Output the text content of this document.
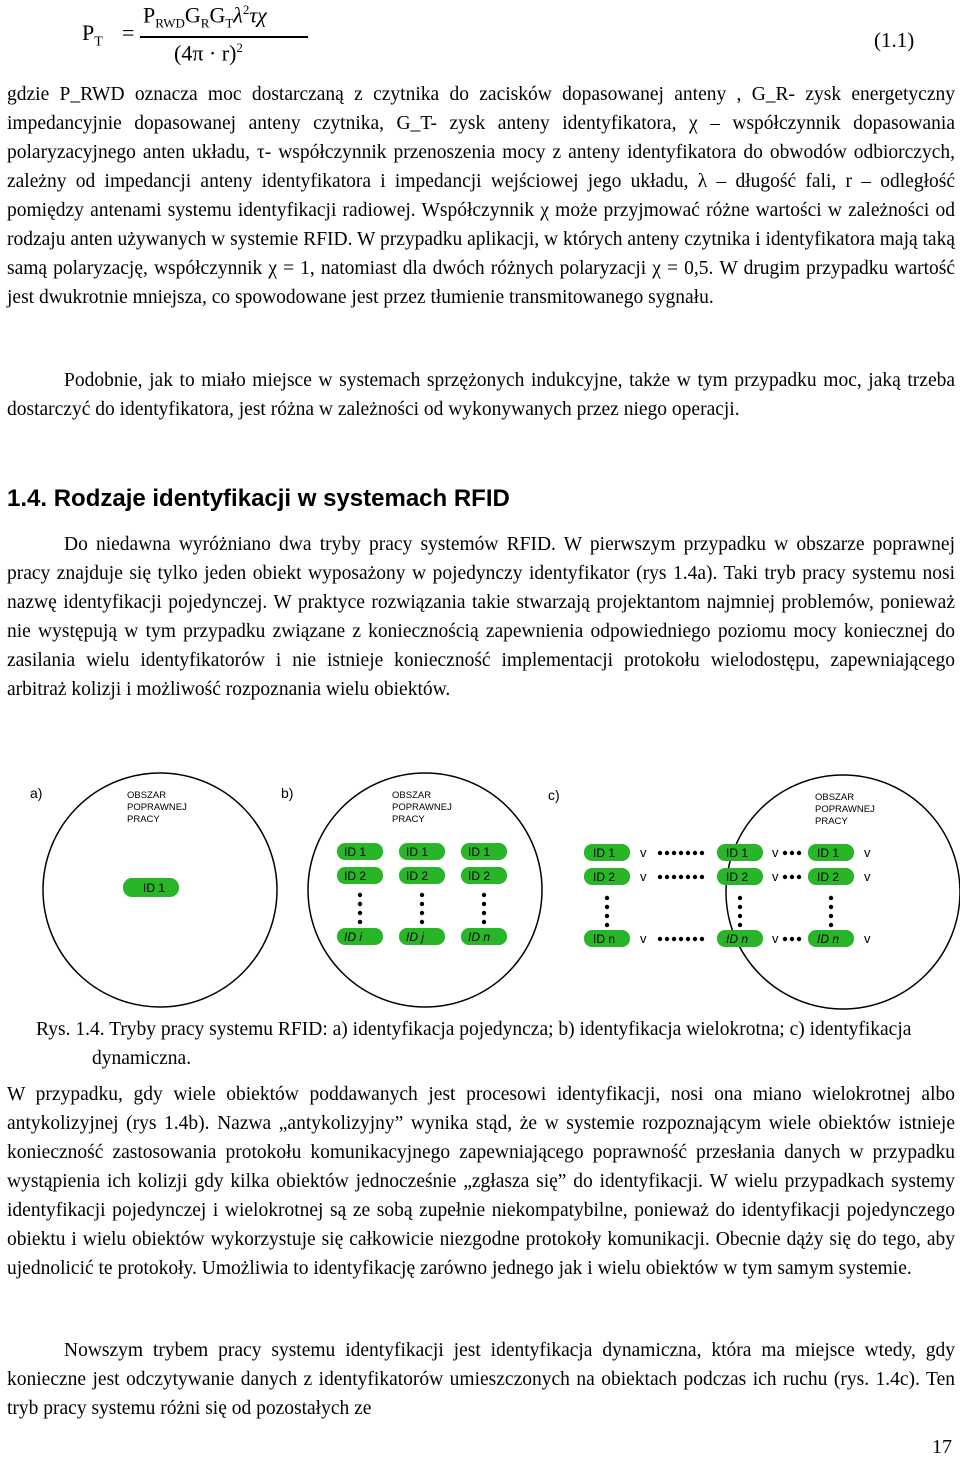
$P_T$ =
$P_{RWD}G_RG_T\lambda^2\tau\chi$
$(4\pi \cdot r)^2$	(1.1)

gdzie P_RWD oznacza moc dostarczaną z czytnika do zacisków dopasowanej anteny , G_R- zysk energetyczny impedancyjnie dopasowanej anteny czytnika, G_T- zysk anteny identyfikatora, χ – współczynnik dopasowania polaryzacyjnego anten układu, τ- współczynnik przenoszenia mocy z anteny identyfikatora do obwodów odbiorczych, zależny od impedancji anteny identyfikatora i impedancji wejściowej jego układu, λ – długość fali, r – odległość pomiędzy antenami systemu identyfikacji radiowej. Współczynnik χ może przyjmować różne wartości w zależności od rodzaju anten używanych w systemie RFID. W przypadku aplikacji, w których anteny czytnika i identyfikatora mają taką samą polaryzację, współczynnik χ = 1, natomiast dla dwóch różnych polaryzacji χ = 0,5. W drugim przypadku wartość jest dwukrotnie mniejsza, co spowodowane jest przez tłumienie transmitowanego sygnału.

Podobnie, jak to miało miejsce w systemach sprzężonych indukcyjne, także w tym przypadku moc, jaką trzeba dostarczyć do identyfikatora, jest różna w zależności od wykonywanych przez niego operacji.

1.4. Rodzaje identyfikacji w systemach RFID

Do niedawna wyróżniano dwa tryby pracy systemów RFID. W pierwszym przypadku w obszarze poprawnej pracy znajduje się tylko jeden obiekt wyposażony w pojedynczy identyfikator (rys 1.4a). Taki tryb pracy systemu nosi nazwę identyfikacji pojedynczej. W praktyce rozwiązania takie stwarzają projektantom najmniej problemów, ponieważ nie występują w tym przypadku związane z koniecznością zapewnienia odpowiedniego poziomu mocy koniecznej do zasilania wielu identyfikatorów i nie istnieje konieczność implementacji protokołu wielodostępu, zapewniającego arbitraż kolizji i możliwość rozpoznania wielu obiektów.

a)	OBSZAR
POPRAWNEJ
PRACY
ID 1
b)	OBSZAR
POPRAWNEJ
PRACY
ID 1
ID 2
ID i
ID 1
ID 2
ID j
ID 1
ID 2
ID n
c)	OBSZAR
POPRAWNEJ
PRACY
ID 1 v
ID 2 v
ID n v
ID 1 v
ID 2 v
ID n v
ID 1 v
ID 2 v
ID n v
Rys. 1.4. Tryby pracy systemu RFID: a) identyfikacja pojedyncza; b) identyfikacja wielokrotna; c) identyfikacja dynamiczna.

W przypadku, gdy wiele obiektów poddawanych jest procesowi identyfikacji, nosi ona miano wielokrotnej albo antykolizyjnej (rys 1.4b). Nazwa „antykolizyjny” wynika stąd, że w systemie rozpoznającym wiele obiektów istnieje konieczność zastosowania protokołu komunikacyjnego zapewniającego poprawność przesłania danych w przypadku wystąpienia ich kolizji gdy kilka obiektów jednocześnie „zgłasza się” do identyfikacji. W wielu przypadkach systemy identyfikacji pojedynczej i wielokrotnej są ze sobą zupełnie niekompatybilne, ponieważ do identyfikacji pojedynczego obiektu i wielu obiektów wykorzystuje się całkowicie niezgodne protokoły komunikacji. Obecnie dąży się do tego, aby ujednolicić te protokoły. Umożliwia to identyfikację zarówno jednego jak i wielu obiektów w tym samym systemie.

Nowszym trybem pracy systemu identyfikacji jest identyfikacja dynamiczna, która ma miejsce wtedy, gdy konieczne jest odczytywanie danych z identyfikatorów umieszczonych na obiektach podczas ich ruchu (rys. 1.4c). Ten tryb pracy systemu różni się od pozostałych ze

17
